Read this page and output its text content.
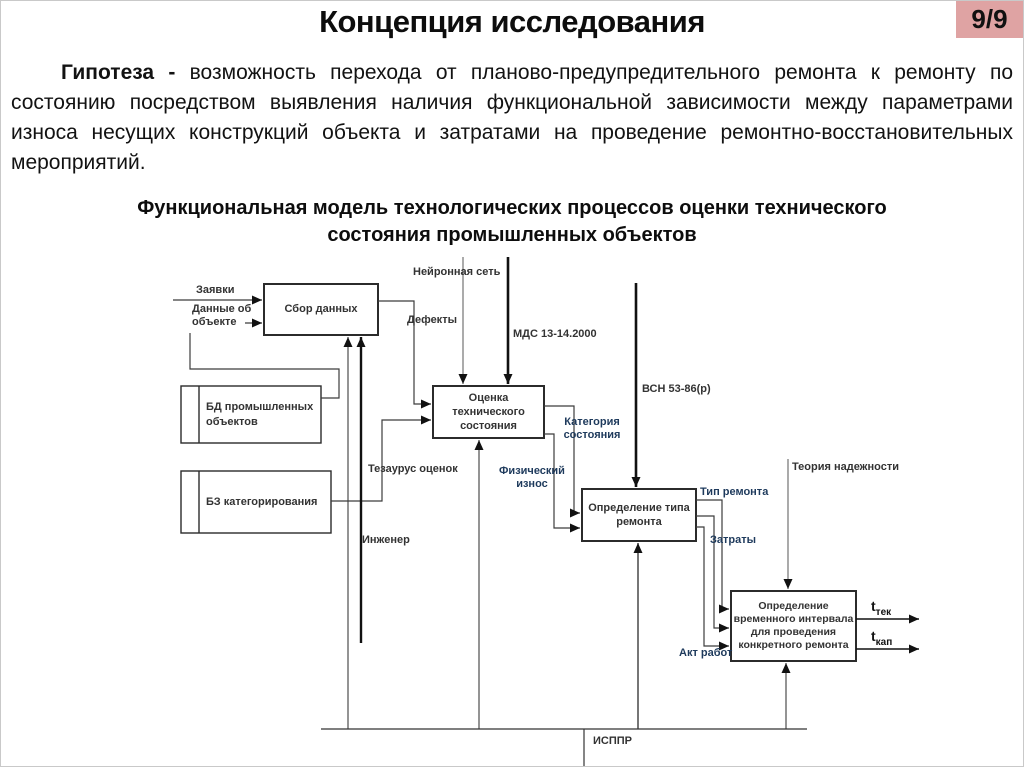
Концепция исследования	9/9

Гипотеза - возможность перехода от планово-предупредительного ремонта к ремонту по состоянию посредством выявления наличия функциональной зависимости между параметрами износа несущих конструкций объекта и затратами на проведение ремонтно-восстановительных мероприятий.

Функциональная модель технологических процессов оценки технического
состояния промышленных объектов
Сбор данных
БД промышленных объектов
БЗ категорирования
Оценка технического состояния
Определение типа ремонта
Определение временного интервала для проведения конкретного ремонта
Заявки
Данные об объекте
Нейронная сеть
Дефекты
МДС 13-14.2000
ВСН 53-86(р)
Категория состояния
Тезаурус оценок	Физический износ
Инженер
Тип ремонта
Затраты
Теория надежности
Акт работ
$t_{тек}$
$t_{кап}$
ИСППР
